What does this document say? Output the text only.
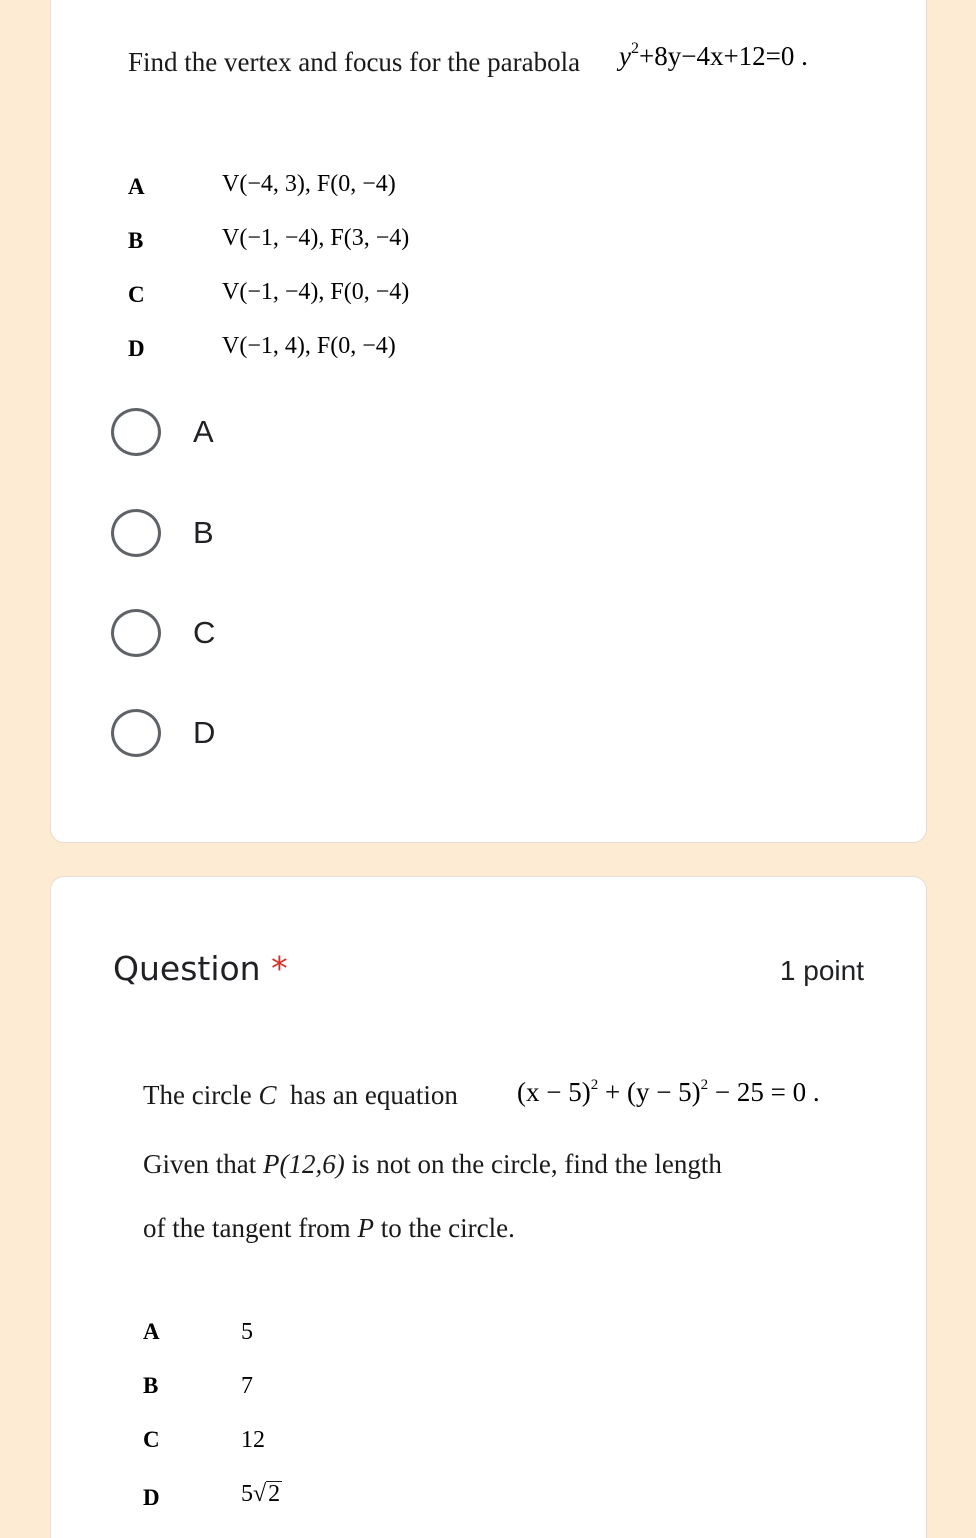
Find the vertex and focus for the parabola $y^2+8y-4x+12=0$ .
A	V(−4, 3), F(0, −4)
B	V(−1, −4), F(3, −4)
C	V(−1, −4), F(0, −4)
D	V(−1, 4), F(0, −4)
A
B
C
D
Question *	1 point
The circle C has an equation $(x - 5)^2 + (y - 5)^2 - 25 = 0$ .
Given that P(12,6) is not on the circle, find the length
of the tangent from P to the circle.
A	5
B	7
C	12
D	5√2
